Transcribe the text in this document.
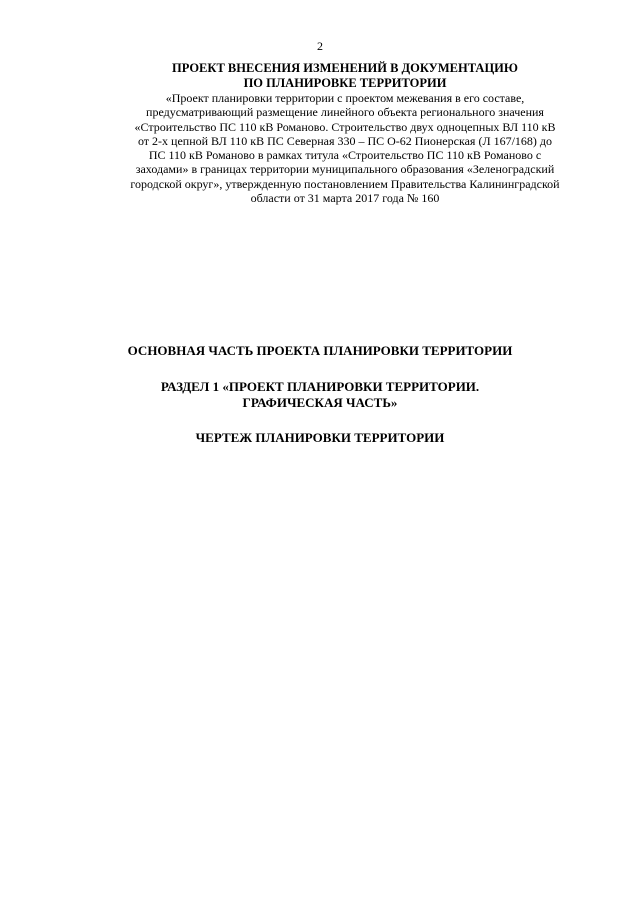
2

ПРОЕКТ ВНЕСЕНИЯ ИЗМЕНЕНИЙ В ДОКУМЕНТАЦИЮ
ПО ПЛАНИРОВКЕ ТЕРРИТОРИИ

«Проект планировки территории с проектом межевания в его составе,
предусматривающий размещение линейного объекта регионального значения
«Строительство ПС 110 кВ Романово. Строительство двух одноцепных ВЛ 110 кВ
от 2-х цепной ВЛ 110 кВ ПС Северная 330 – ПС О-62 Пионерская (Л 167/168) до
ПС 110 кВ Романово в рамках титула «Строительство ПС 110 кВ Романово с
заходами» в границах территории муниципального образования «Зеленоградский
городской округ», утвержденную постановлением Правительства Калининградской
области от 31 марта 2017 года № 160

ОСНОВНАЯ ЧАСТЬ ПРОЕКТА ПЛАНИРОВКИ ТЕРРИТОРИИ
РАЗДЕЛ 1 «ПРОЕКТ ПЛАНИРОВКИ ТЕРРИТОРИИ.
ГРАФИЧЕСКАЯ ЧАСТЬ»
ЧЕРТЕЖ ПЛАНИРОВКИ ТЕРРИТОРИИ
